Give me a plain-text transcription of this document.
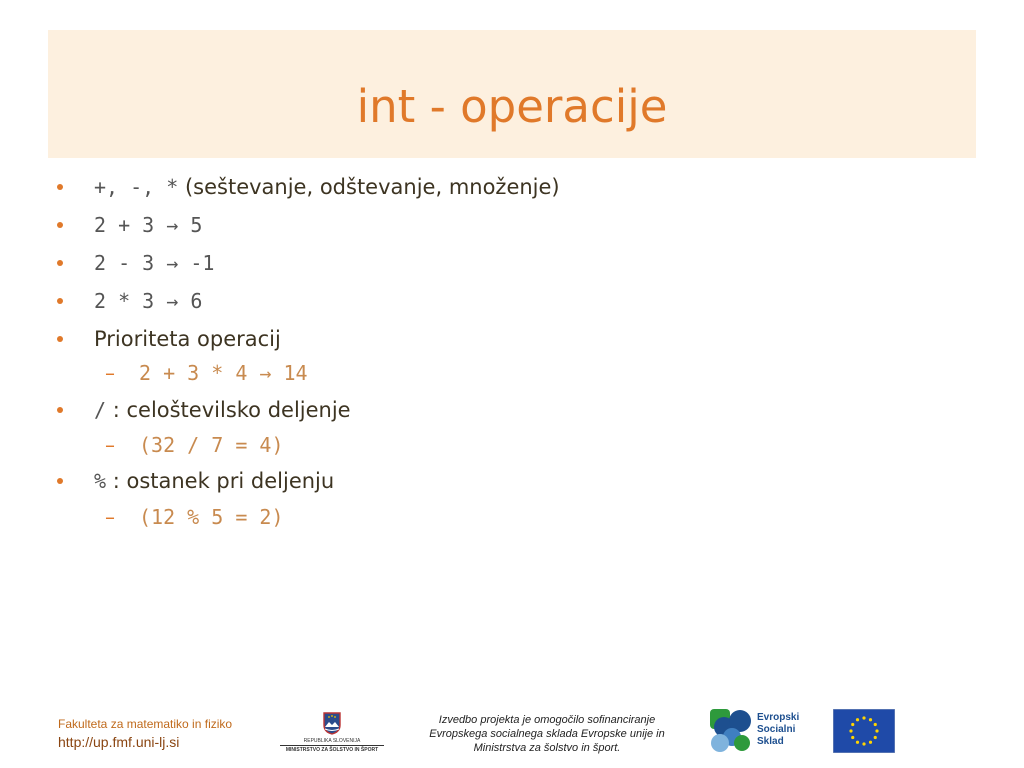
int - operacije
+, -, * (seštevanje, odštevanje, množenje)
2 + 3 → 5
2 - 3 → -1
2 * 3 → 6
Prioriteta operacij
– 2 + 3 * 4 → 14
/ : celoštevilsko deljenje
– (32 / 7 = 4)
% : ostanek pri deljenju
– (12 % 5 = 2)
Fakulteta za matematiko in fiziko
http://up.fmf.uni-lj.si	REPUBLIKA SLOVENIJA
MINISTRSTVO ZA ŠOLSTVO IN ŠPORT
Izvedbo projekta je omogočilo sofinanciranje
Evropskega socialnega sklada Evropske unije in
Ministrstva za šolstvo in šport.
Evropski
Socialni
Sklad
